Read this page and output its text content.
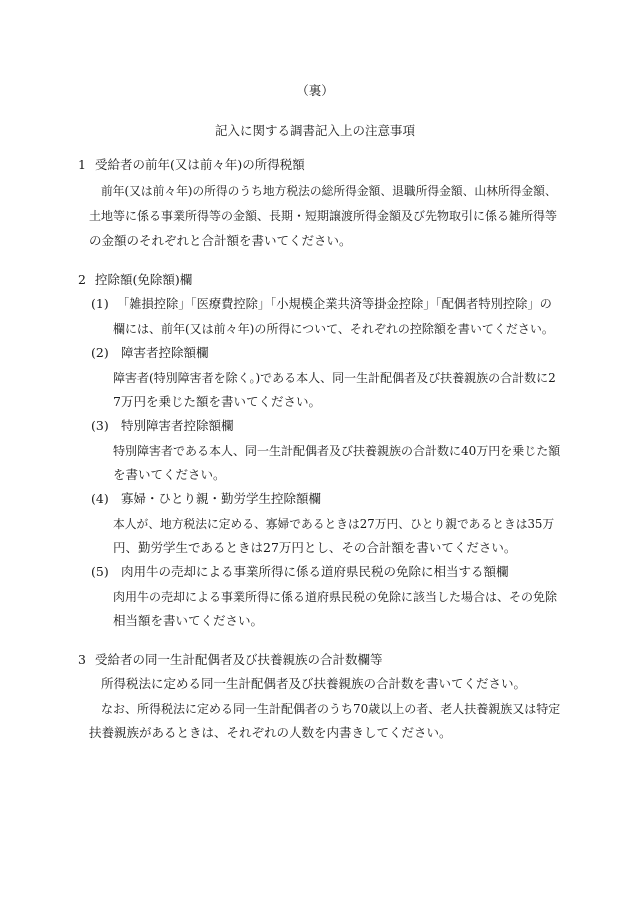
（裏）
記入に関する調書記入上の注意事項
1 受給者の前年(又は前々年)の所得税額
前年(又は前々年)の所得のうち地方税法の総所得金額、退職所得金額、山林所得金額、
土地等に係る事業所得等の金額、長期・短期譲渡所得金額及び先物取引に係る雑所得等
の金額のそれぞれと合計額を書いてください。
2 控除額(免除額)欄
(1) 「雑損控除」「医療費控除」「小規模企業共済等掛金控除」「配偶者特別控除」の
欄には、前年(又は前々年)の所得について、それぞれの控除額を書いてください。
(2) 障害者控除額欄
障害者(特別障害者を除く。)である本人、同一生計配偶者及び扶養親族の合計数に2
7万円を乗じた額を書いてください。
(3) 特別障害者控除額欄
特別障害者である本人、同一生計配偶者及び扶養親族の合計数に40万円を乗じた額
を書いてください。
(4) 寡婦・ひとり親・勤労学生控除額欄
本人が、地方税法に定める、寡婦であるときは27万円、ひとり親であるときは35万
円、勤労学生であるときは27万円とし、その合計額を書いてください。
(5) 肉用牛の売却による事業所得に係る道府県民税の免除に相当する額欄
肉用牛の売却による事業所得に係る道府県民税の免除に該当した場合は、その免除
相当額を書いてください。
3 受給者の同一生計配偶者及び扶養親族の合計数欄等
所得税法に定める同一生計配偶者及び扶養親族の合計数を書いてください。
なお、所得税法に定める同一生計配偶者のうち70歳以上の者、老人扶養親族又は特定
扶養親族があるときは、それぞれの人数を内書きしてください。
